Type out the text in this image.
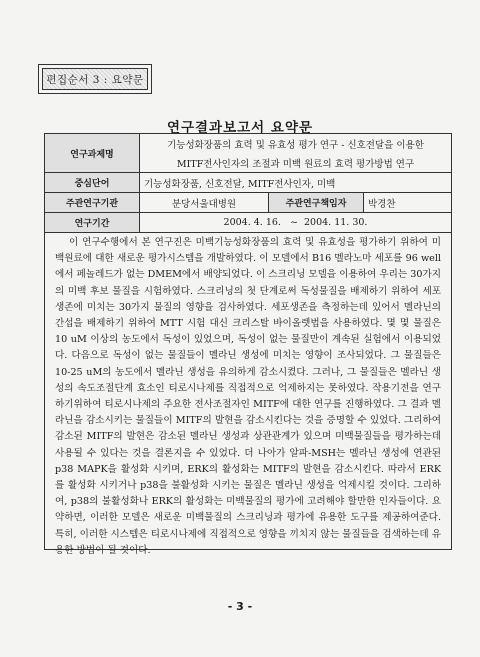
편집순서 3 : 요약문
연구결과보고서 요약문
연구과제명	기능성화장품의 효력 및 유효성 평가 연구 - 신호전달을 이용한		
	MITF전사인자의 조절과 미백 원료의 효력 평가방법 연구		
중심단어	기능성화장품, 신호전달, MITF전사인자, 미백		
주관연구기관	분당서울대병원	주관연구책임자	박경찬
연구기간	2004. 4. 16.   ~  2004. 11. 30.		
이 연구수행에서 본 연구진은 미백기능성화장품의 효력 및 유효성을 평가하기 위하여 미백원료에 대한 새로운 평가시스템을 개발하였다. 이 모델에서 B16 멜라노마 세포를 96 well에서 페놀레드가 없는 DMEM에서 배양되었다. 이 스크리닝 모델을 이용하여 우리는 30가지의 미백 후보 물질을 시험하였다. 스크리닝의 첫 단계로써 독성물질을 배제하기 위하여 세포생존에 미치는 30가지 물질의 영향을 검사하였다. 세포생존을 측정하는데 있어서 멜라닌의 간섭을 배제하기 위하여 MTT 시험 대신 크리스탈 바이올렛법을 사용하였다. 몇 몇 물질은 10 uM 이상의 농도에서 독성이 있었으며, 독성이 없는 물질만이 계속된 실험에서 이용되었다. 다음으로 독성이 없는 물질들이 멜라닌 생성에 미치는 영향이 조사되었다. 그 물질들은 10-25 uM의 농도에서 멜라닌 생성을 유의하게 감소시켰다. 그러나, 그 물질들은 멜라닌 생성의 속도조절단계 효소인 티로시나제를 직접적으로 억제하지는 못하였다. 작용기전을 연구하기위하여 티로시나제의 주요한 전사조절자인 MITF에 대한 연구를 진행하였다. 그 결과 멜라닌을 감소시키는 물질들이 MITF의 발현을 감소시킨다는 것을 증명할 수 있었다. 그리하여 감소된 MITF의 발현은 감소된 멜라닌 생성과 상관관계가 있으며 미백물질들을 평가하는데 사용될 수 있다는 것을 결론지을 수 있었다. 더 나아가 알파-MSH는 멜라닌 생성에 연관된 p38 MAPK을 활성화 시키며, ERK의 활성화는 MITF의 발현을 감소시킨다. 따라서 ERK를 활성화 시키거나 p38을 불활성화 시키는 물질은 멜라닌 생성을 억제시킬 것이다. 그리하여, p38의 불활성화나 ERK의 활성화는 미백물질의 평가에 고려해야 할만한 인자들이다. 요약하면, 이러한 모델은 새로운 미백물질의 스크리닝과 평가에 유용한 도구를 제공하여준다. 특히, 이러한 시스템은 티로시나제에 직접적으로 영향을 끼치지 않는 물질들을 검색하는데 유용한 방법이 될 것이다.
- 3 -
